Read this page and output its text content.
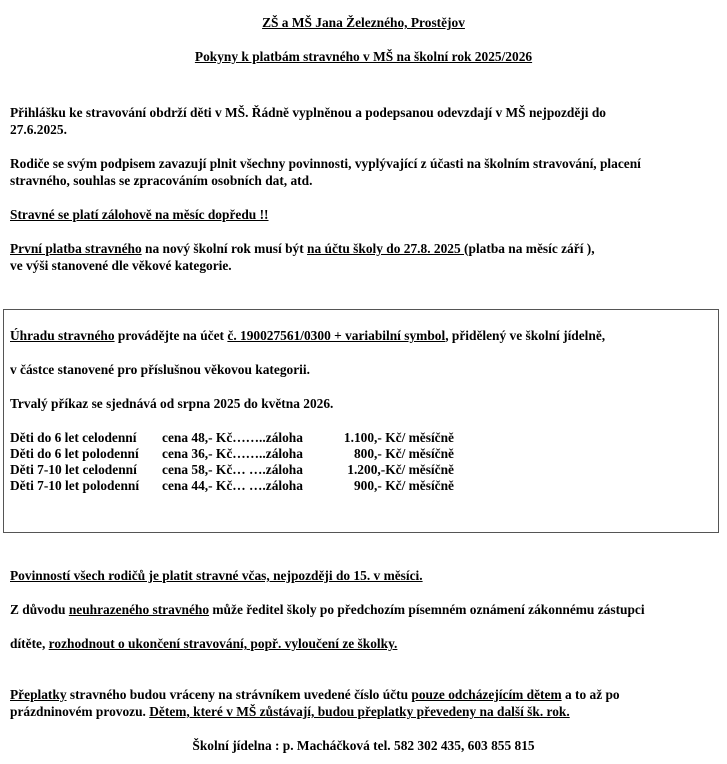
ZŠ a MŠ Jana Železného, Prostějov
Pokyny k platbám stravného v MŠ na školní rok 2025/2026
Přihlášku ke stravování obdrží děti v MŠ. Řádně vyplněnou a podepsanou odevzdají v MŠ nejpozději do
27.6.2025.
Rodiče se svým podpisem zavazují plnit všechny povinnosti, vyplývající z účasti na školním stravování, placení
stravného, souhlas se zpracováním osobních dat, atd.
Stravné se platí zálohově na měsíc dopředu !!
První platba stravného na nový školní rok musí být na účtu školy do 27.8. 2025 (platba na měsíc září ),
ve výši stanovené dle věkové kategorie.
Úhradu stravného provádějte na účet č. 190027561/0300 + variabilní symbol, přidělený ve školní jídelně,
v částce stanovené pro příslušnou věkovou kategorii.
Trvalý příkaz se sjednává od srpna 2025 do května 2026.
Děti do 6 let celodenní cena 48,- Kč……..záloha	1.100,- Kč/ měsíčně
Děti do 6 let polodenní cena 36,- Kč……..záloha	800,- Kč/ měsíčně
Děti 7-10 let celodenní cena 58,- Kč… ….záloha	1.200,-Kč/ měsíčně
Děti 7-10 let polodenní cena 44,- Kč… ….záloha	900,- Kč/ měsíčně
Povinností všech rodičů je platit stravné včas, nejpozději do 15. v měsíci.
Z důvodu neuhrazeného stravného může ředitel školy po předchozím písemném oznámení zákonnému zástupci
dítěte, rozhodnout o ukončení stravování, popř. vyloučení ze školky.
Přeplatky stravného budou vráceny na strávníkem uvedené číslo účtu pouze odcházejícím dětem a to až po
prázdninovém provozu. Dětem, které v MŠ zůstávají, budou přeplatky převedeny na další šk. rok.
Školní jídelna : p. Macháčková tel. 582 302 435, 603 855 815
